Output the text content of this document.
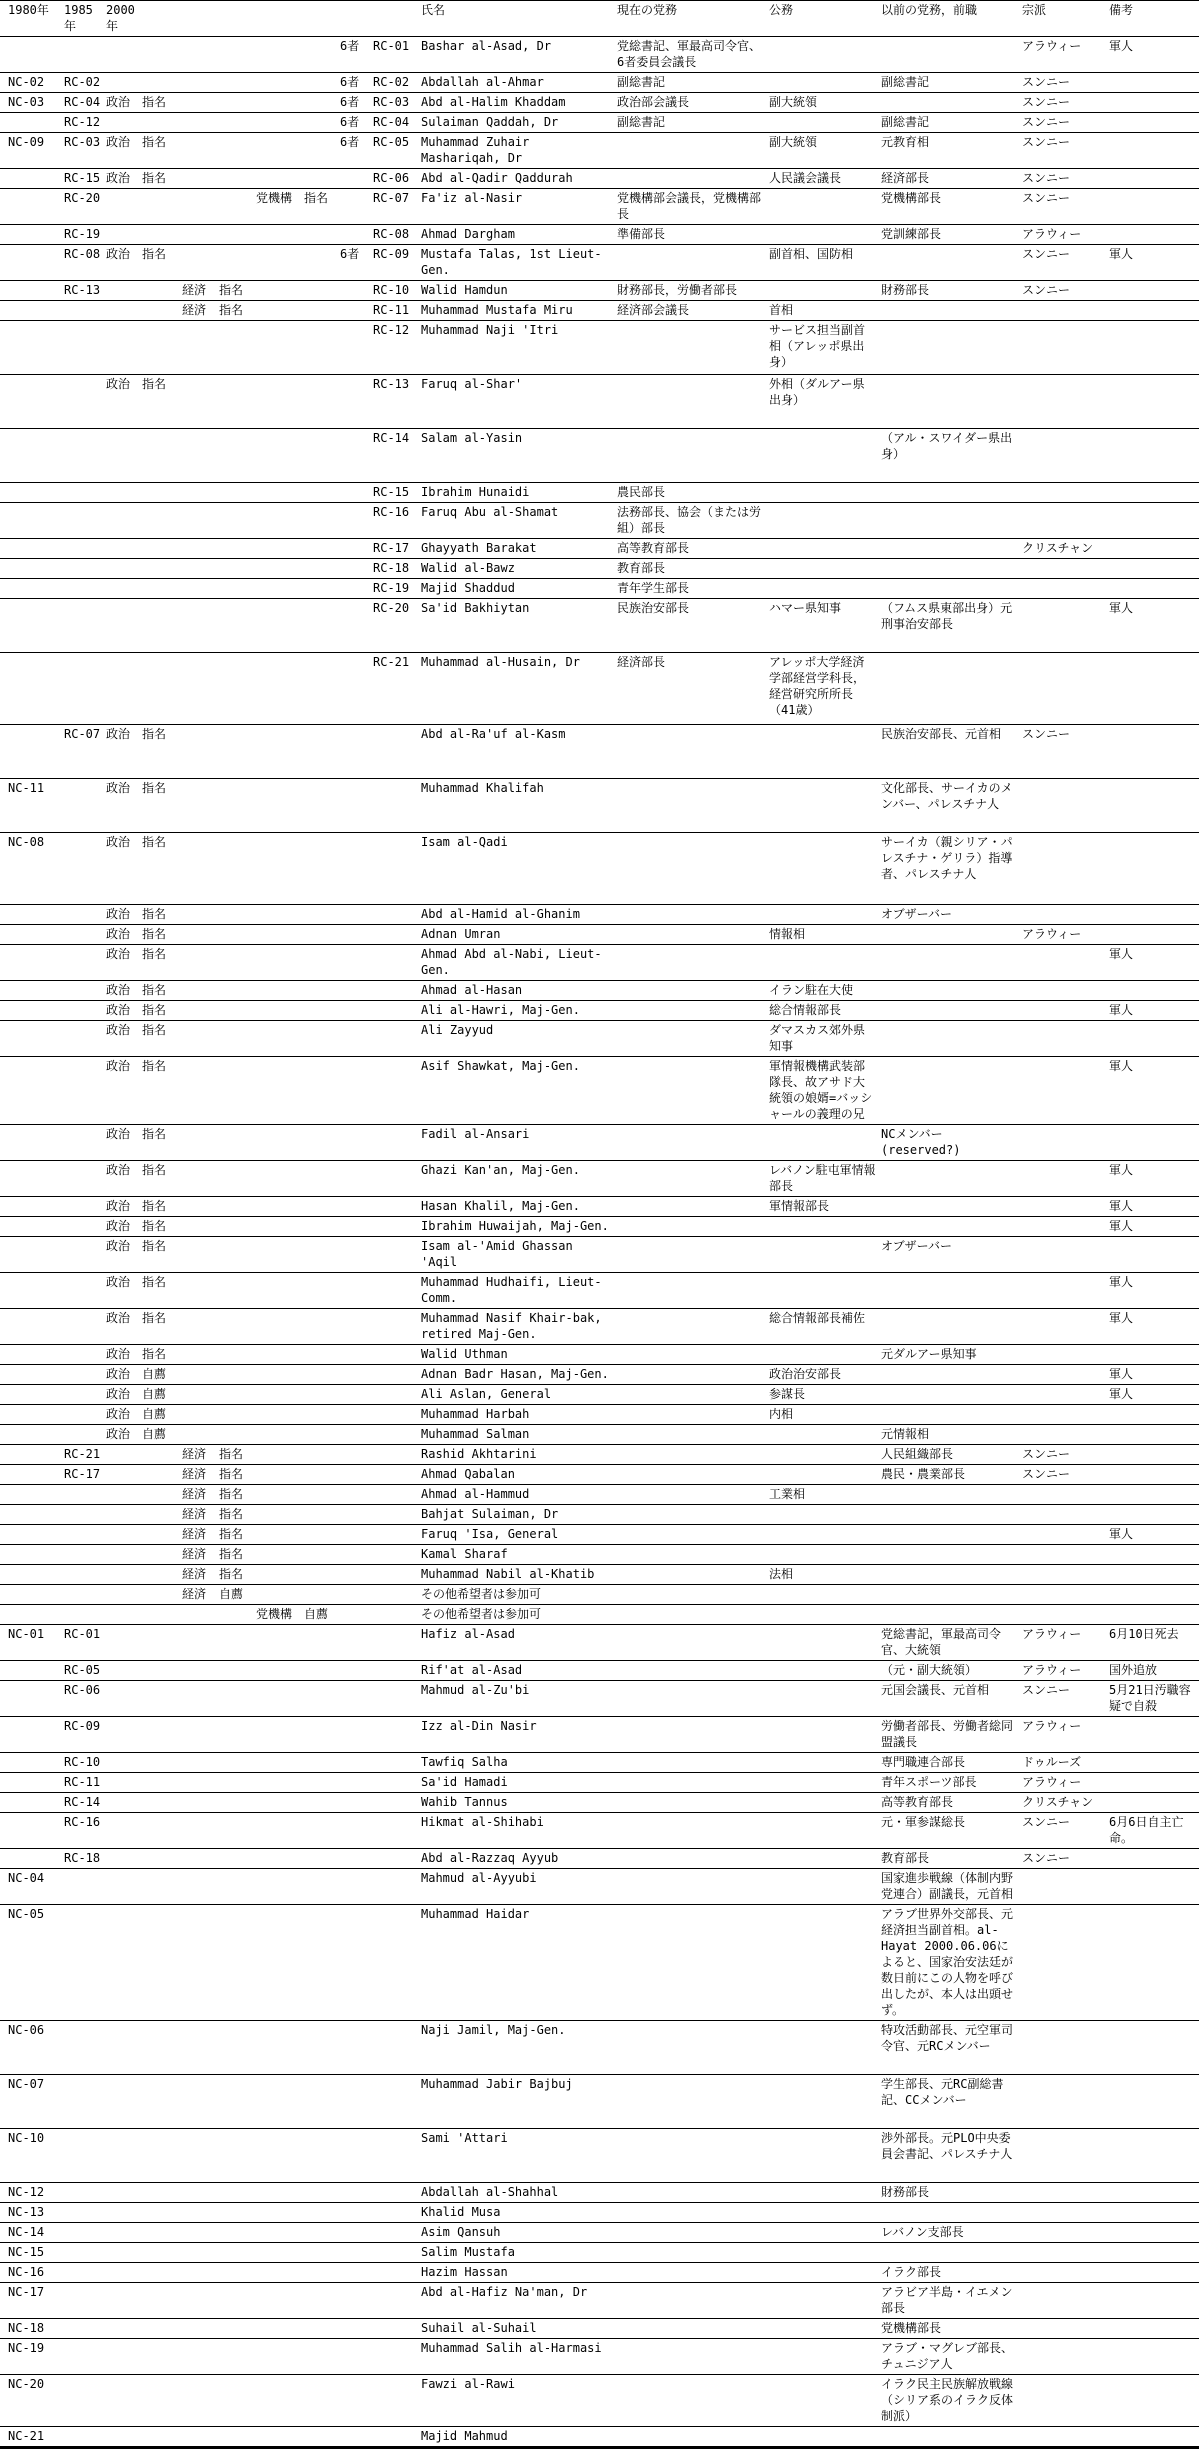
1980年	1985年	2000年								氏名	現在の党務	公務	以前の党務，前職	宗派	備考
								6者	RC-01	Bashar al-Asad, Dr	党総書記、軍最高司令官、6者委員会議長			アラウィー	軍人
NC-02	RC-02							6者	RC-02	Abdallah al-Ahmar	副総書記		副総書記	スンニー	
NC-03	RC-04	政治	指名					6者	RC-03	Abd al-Halim Khaddam	政治部会議長	副大統領		スンニー	
	RC-12							6者	RC-04	Sulaiman Qaddah, Dr	副総書記		副総書記	スンニー	
NC-09	RC-03	政治	指名					6者	RC-05	Muhammad Zuhair Mashariqah, Dr		副大統領	元教育相	スンニー	
	RC-15	政治	指名						RC-06	Abd al-Qadir Qaddurah		人民議会議長	経済部長	スンニー	
	RC-20					党機構	指名		RC-07	Fa'iz al-Nasir	党機構部会議長，党機構部長		党機構部長	スンニー	
	RC-19								RC-08	Ahmad Dargham	準備部長		党訓練部長	アラウィー	
	RC-08	政治	指名					6者	RC-09	Mustafa Talas, 1st Lieut-Gen.		副首相、国防相		スンニー	軍人
	RC-13			経済	指名				RC-10	Walid Hamdun	財務部長，労働者部長		財務部長	スンニー	
				経済	指名				RC-11	Muhammad Mustafa Miru	経済部会議長	首相			
									RC-12	Muhammad Naji 'Itri		サービス担当副首相（アレッポ県出身）			
		政治	指名						RC-13	Faruq al-Shar'		外相（ダルアー県出身）			
									RC-14	Salam al-Yasin			（アル・スワイダー県出身）		
									RC-15	Ibrahim Hunaidi	農民部長				
									RC-16	Faruq Abu al-Shamat	法務部長、協会（または労組）部長				
									RC-17	Ghayyath Barakat	高等教育部長			クリスチャン	
									RC-18	Walid al-Bawz	教育部長				
									RC-19	Majid Shaddud	青年学生部長				
									RC-20	Sa'id Bakhiytan	民族治安部長	ハマー県知事	（フムス県東部出身）元刑事治安部長		軍人
									RC-21	Muhammad al-Husain, Dr	経済部長	アレッポ大学経済学部経営学科長，経営研究所所長（41歳）			
	RC-07	政治	指名							Abd al-Ra'uf al-Kasm			民族治安部長、元首相	スンニー	
NC-11		政治	指名							Muhammad Khalifah			文化部長、サーイカのメンバー、パレスチナ人		
NC-08		政治	指名							Isam al-Qadi			サーイカ（親シリア・パレスチナ・ゲリラ）指導者、パレスチナ人		
		政治	指名							Abd al-Hamid al-Ghanim			オブザーバー		
		政治	指名							Adnan Umran		情報相		アラウィー	
		政治	指名							Ahmad Abd al-Nabi, Lieut-Gen.					軍人
		政治	指名							Ahmad al-Hasan		イラン駐在大使			
		政治	指名							Ali al-Hawri, Maj-Gen.		総合情報部長			軍人
		政治	指名							Ali Zayyud		ダマスカス郊外県知事			
		政治	指名							Asif Shawkat, Maj-Gen.		軍情報機構武装部隊長、故アサド大統領の娘婿=バッシャールの義理の兄			軍人
		政治	指名							Fadil al-Ansari			NCメンバー (reserved?)		
		政治	指名							Ghazi Kan'an, Maj-Gen.		レバノン駐屯軍情報部長			軍人
		政治	指名							Hasan Khalil, Maj-Gen.		軍情報部長			軍人
		政治	指名							Ibrahim Huwaijah, Maj-Gen.					軍人
		政治	指名							Isam al-'Amid Ghassan 'Aqil			オブザーバー		
		政治	指名							Muhammad Hudhaifi, Lieut-Comm.					軍人
		政治	指名							Muhammad Nasif Khair-bak, retired Maj-Gen.		総合情報部長補佐			軍人
		政治	指名							Walid Uthman			元ダルアー県知事		
		政治	自薦							Adnan Badr Hasan, Maj-Gen.		政治治安部長			軍人
		政治	自薦							Ali Aslan, General		参謀長			軍人
		政治	自薦							Muhammad Harbah		内相			
		政治	自薦							Muhammad Salman			元情報相		
	RC-21			経済	指名					Rashid Akhtarini			人民組織部長	スンニー	
	RC-17			経済	指名					Ahmad Qabalan			農民・農業部長	スンニー	
				経済	指名					Ahmad al-Hammud		工業相			
				経済	指名					Bahjat Sulaiman, Dr					
				経済	指名					Faruq 'Isa, General					軍人
				経済	指名					Kamal Sharaf					
				経済	指名					Muhammad Nabil al-Khatib		法相			
				経済	自薦					その他希望者は参加可					
						党機構	自薦			その他希望者は参加可					
NC-01	RC-01									Hafiz al-Asad			党総書記，軍最高司令官、大統領	アラウィー	6月10日死去
	RC-05									Rif'at al-Asad			（元・副大統領）	アラウィー	国外追放
	RC-06									Mahmud al-Zu'bi			元国会議長、元首相	スンニー	5月21日汚職容疑で自殺
	RC-09									Izz al-Din Nasir			労働者部長、労働者総同盟議長	アラウィー	
	RC-10									Tawfiq Salha			専門職連合部長	ドゥルーズ	
	RC-11									Sa'id Hamadi			青年スポーツ部長	アラウィー	
	RC-14									Wahib Tannus			高等教育部長	クリスチャン	
	RC-16									Hikmat al-Shihabi			元・軍参謀総長	スンニー	6月6日自主亡命。
	RC-18									Abd al-Razzaq Ayyub			教育部長	スンニー	
NC-04										Mahmud al-Ayyubi			国家進歩戦線（体制内野党連合）副議長，元首相		
NC-05										Muhammad Haidar			アラブ世界外交部長、元経済担当副首相。al-Hayat 2000.06.06によると、国家治安法廷が数日前にこの人物を呼び出したが、本人は出頭せず。		
NC-06										Naji Jamil, Maj-Gen.			特攻活動部長、元空軍司令官、元RCメンバー		
NC-07										Muhammad Jabir Bajbuj			学生部長、元RC副総書記、CCメンバー		
NC-10										Sami 'Attari			渉外部長。元PLO中央委員会書記、パレスチナ人		
NC-12										Abdallah al-Shahhal			財務部長		
NC-13										Khalid Musa					
NC-14										Asim Qansuh			レバノン支部長		
NC-15										Salim Mustafa					
NC-16										Hazim Hassan			イラク部長		
NC-17										Abd al-Hafiz Na'man, Dr			アラビア半島・イエメン部長		
NC-18										Suhail al-Suhail			党機構部長		
NC-19										Muhammad Salih al-Harmasi			アラブ・マグレブ部長、チュニジア人		
NC-20										Fawzi al-Rawi			イラク民主民族解放戦線（シリア系のイラク反体制派）		
NC-21										Majid Mahmud					
